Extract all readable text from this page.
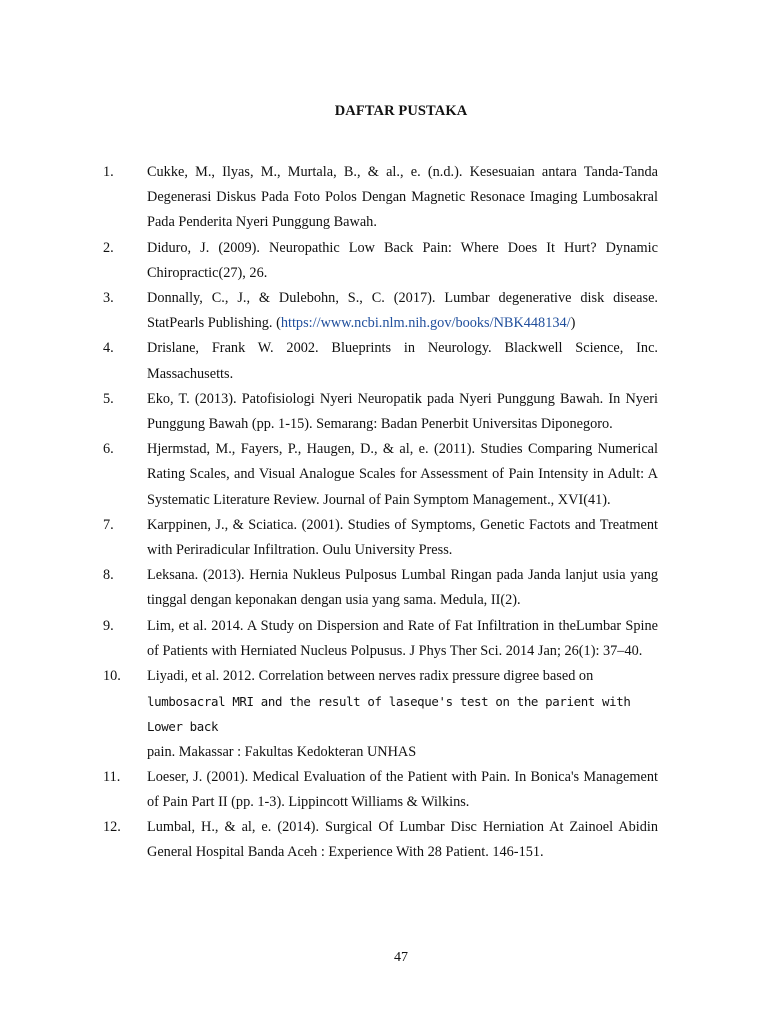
DAFTAR PUSTAKA
1. Cukke, M., Ilyas, M., Murtala, B., & al., e. (n.d.). Kesesuaian antara Tanda-Tanda Degenerasi Diskus Pada Foto Polos Dengan Magnetic Resonace Imaging Lumbosakral Pada Penderita Nyeri Punggung Bawah.
2. Diduro, J. (2009). Neuropathic Low Back Pain: Where Does It Hurt? Dynamic Chiropractic(27), 26.
3. Donnally, C., J., & Dulebohn, S., C. (2017). Lumbar degenerative disk disease. StatPearls Publishing. (https://www.ncbi.nlm.nih.gov/books/NBK448134/)
4. Drislane, Frank W. 2002. Blueprints in Neurology. Blackwell Science, Inc. Massachusetts.
5. Eko, T. (2013). Patofisiologi Nyeri Neuropatik pada Nyeri Punggung Bawah. In Nyeri Punggung Bawah (pp. 1-15). Semarang: Badan Penerbit Universitas Diponegoro.
6. Hjermstad, M., Fayers, P., Haugen, D., & al, e. (2011). Studies Comparing Numerical Rating Scales, and Visual Analogue Scales for Assessment of Pain Intensity in Adult: A Systematic Literature Review. Journal of Pain Symptom Management., XVI(41).
7. Karppinen, J., & Sciatica. (2001). Studies of Symptoms, Genetic Factots and Treatment with Periradicular Infiltration. Oulu University Press.
8. Leksana. (2013). Hernia Nukleus Pulposus Lumbal Ringan pada Janda lanjut usia yang tinggal dengan keponakan dengan usia yang sama. Medula, II(2).
9. Lim, et al. 2014. A Study on Dispersion and Rate of Fat Infiltration in theLumbar Spine of Patients with Herniated Nucleus Polpusus. J Phys Ther Sci. 2014 Jan; 26(1): 37–40.
10. Liyadi, et al. 2012. Correlation between nerves radix pressure digree based on
lumbosacral MRI and the result of laseque's test on the parient with Lower back
pain. Makassar : Fakultas Kedokteran UNHAS
11. Loeser, J. (2001). Medical Evaluation of the Patient with Pain. In Bonica's Management of Pain Part II (pp. 1-3). Lippincott Williams & Wilkins.
12. Lumbal, H., & al, e. (2014). Surgical Of Lumbar Disc Herniation At Zainoel Abidin General Hospital Banda Aceh : Experience With 28 Patient. 146-151.
47
